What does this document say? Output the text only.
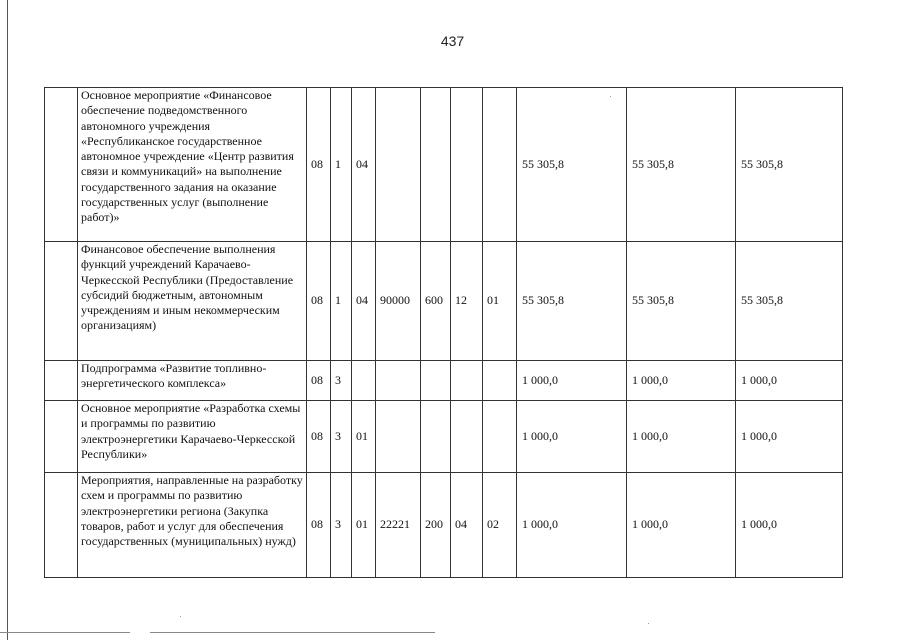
437
	Основное мероприятие «Финансовое обеспечение подведомственного автономного учреждения «Республиканское государственное автономное учреждение «Центр развития связи и коммуникаций» на выполнение государственного задания на оказание государственных услуг (выполнение работ)»	08	1	04					55 305,8	55 305,8	55 305,8
	Финансовое обеспечение выполнения функций учреждений Карачаево-Черкесской Республики (Предоставление субсидий бюджетным, автономным учреждениям и иным некоммерческим организациям)	08	1	04	90000	600	12	01	55 305,8	55 305,8	55 305,8
	Подпрограмма «Развитие топливно-энергетического комплекса»	08	3						1 000,0	1 000,0	1 000,0
	Основное мероприятие «Разработка схемы и программы по развитию электроэнергетики Карачаево-Черкесской Республики»	08	3	01					1 000,0	1 000,0	1 000,0
	Мероприятия, направленные на разработку схем и программы по развитию электроэнергетики региона (Закупка товаров, работ и услуг для обеспечения государственных (муниципальных) нужд)	08	3	01	22221	200	04	02	1 000,0	1 000,0	1 000,0
